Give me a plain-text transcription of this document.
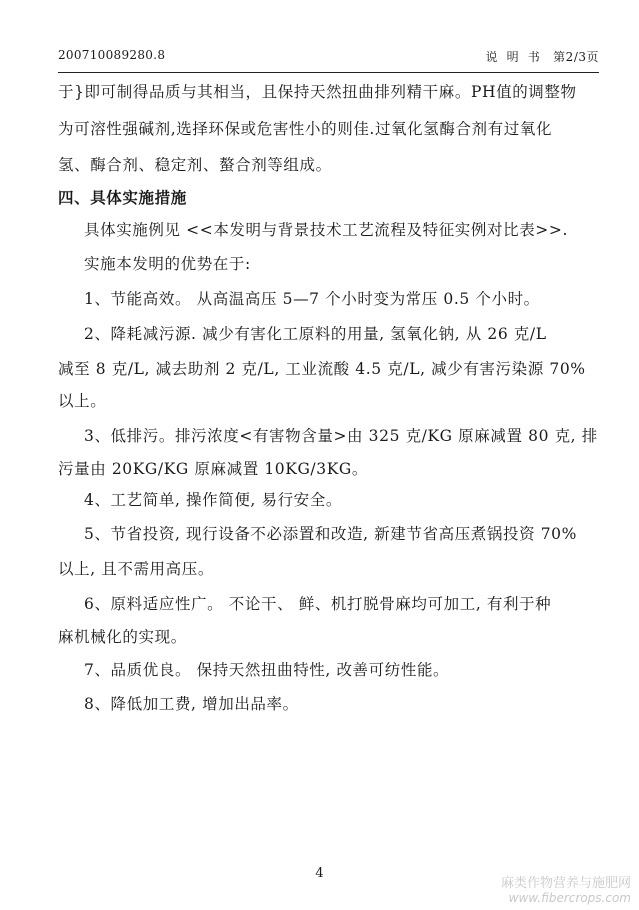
200710089280.8	说  明  书   第2/3页
于}即可制得品质与其相当，且保持天然扭曲排列精干麻。PH值的调整物
为可溶性强碱剂,选择环保或危害性小的则佳.过氧化氢酶合剂有过氧化
氢、酶合剂、稳定剂、螯合剂等组成。
四、具体实施措施
具体实施例见 <<本发明与背景技术工艺流程及特征实例对比表>>.
实施本发明的优势在于:
1、节能高效。 从高温高压 5—7 个小时变为常压 0.5 个小时。
2、降耗减污源. 减少有害化工原料的用量, 氢氧化钠, 从 26 克/L
减至 8 克/L, 减去助剂 2 克/L, 工业流酸 4.5 克/L, 减少有害污染源 70%
以上。
3、低排污。排污浓度<有害物含量>由 325 克/KG 原麻减置 80 克, 排
污量由 20KG/KG 原麻减置 10KG/3KG。
4、工艺简单, 操作简便, 易行安全。
5、节省投资, 现行设备不必添置和改造, 新建节省高压煮锅投资 70%
以上, 且不需用高压。
6、原料适应性广。 不论干、 鲜、机打脱骨麻均可加工, 有利于种
麻机械化的实现。
7、品质优良。 保持天然扭曲特性, 改善可纺性能。
8、降低加工费, 增加出品率。
4
麻类作物营养与施肥网
www.fibercrops.com
